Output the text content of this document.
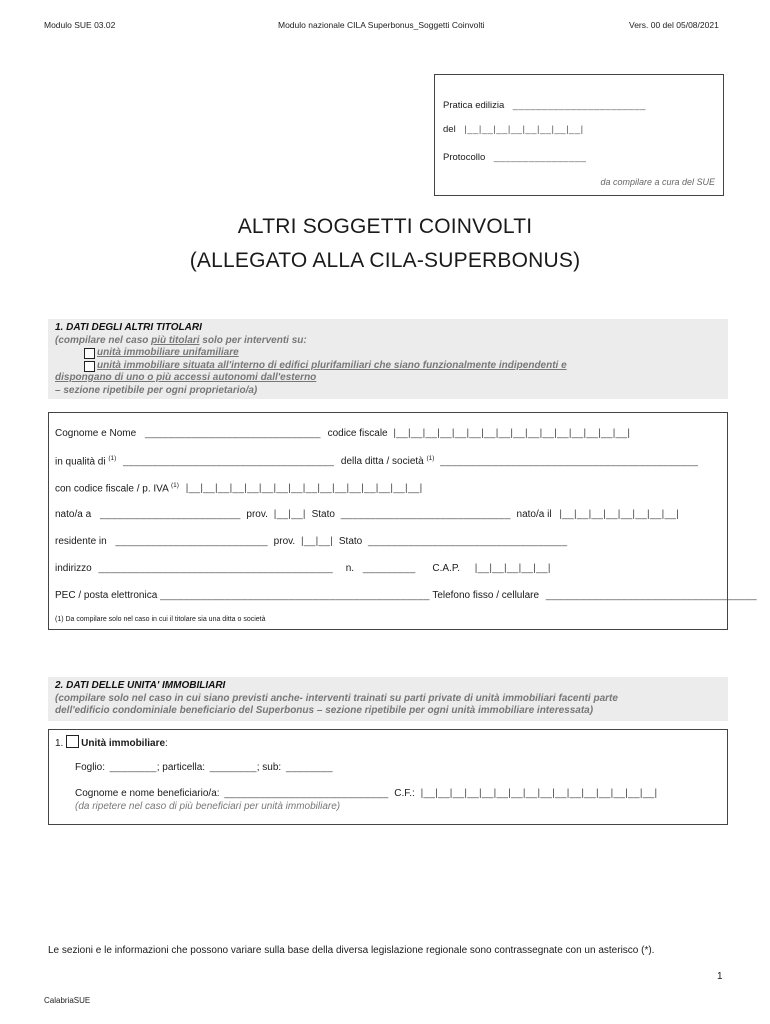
Modulo SUE 03.02	Modulo nazionale CILA Superbonus_Soggetti Coinvolti	Vers. 00 del 05/08/2021
Pratica edilizia _______________________
del |__|__|__|__|__|__|__|__|
Protocollo ________________
da compilare a cura del SUE
ALTRI SOGGETTI COINVOLTI
(ALLEGATO ALLA CILA-SUPERBONUS)
1. DATI DEGLI ALTRI TITOLARI
(compilare nel caso più titolari solo per interventi su:
unità immobiliare unifamiliare
unità immobiliare situata all'interno di edifici plurifamiliari che siano funzionalmente indipendenti e
dispongano di uno o più accessi autonomi dall'esterno
– sezione ripetibile per ogni proprietario/a)
Cognome e Nome ______________________________ codice fiscale |__|__|__|__|__|__|__|__|__|__|__|__|__|__|__|__|
in qualità di $^{(1)}$ ____________________________________ della ditta / società $^{(1)}$ ____________________________________________
con codice fiscale / p. IVA $^{(1)}$ |__|__|__|__|__|__|__|__|__|__|__|__|__|__|__|__|
nato/a a ________________________ prov. |__|__| Stato _____________________________ nato/a il |__|__|__|__|__|__|__|__|
residente in __________________________ prov. |__|__| Stato __________________________________
indirizzo ________________________________________ n. _________ C.A.P. |__|__|__|__|__|
PEC / posta elettronica ______________________________________________ Telefono fisso / cellulare ____________________________________
(1) Da compilare solo nel caso in cui il titolare sia una ditta o società
2. DATI DELLE UNITA' IMMOBILIARI
(compilare solo nel caso in cui siano previsti anche- interventi trainati su parti private di unità immobiliari facenti parte
dell'edificio condominiale beneficiario del Superbonus – sezione ripetibile per ogni unità immobiliare interessata)
1. Unità immobiliare:
Foglio: ________; particella: ________; sub: ________
Cognome e nome beneficiario/a: ____________________________ C.F.: |__|__|__|__|__|__|__|__|__|__|__|__|__|__|__|__|
(da ripetere nel caso di più beneficiari per unità immobiliare)
Le sezioni e le informazioni che possono variare sulla base della diversa legislazione regionale sono contrassegnate con un asterisco (*).
1
CalabriaSUE
